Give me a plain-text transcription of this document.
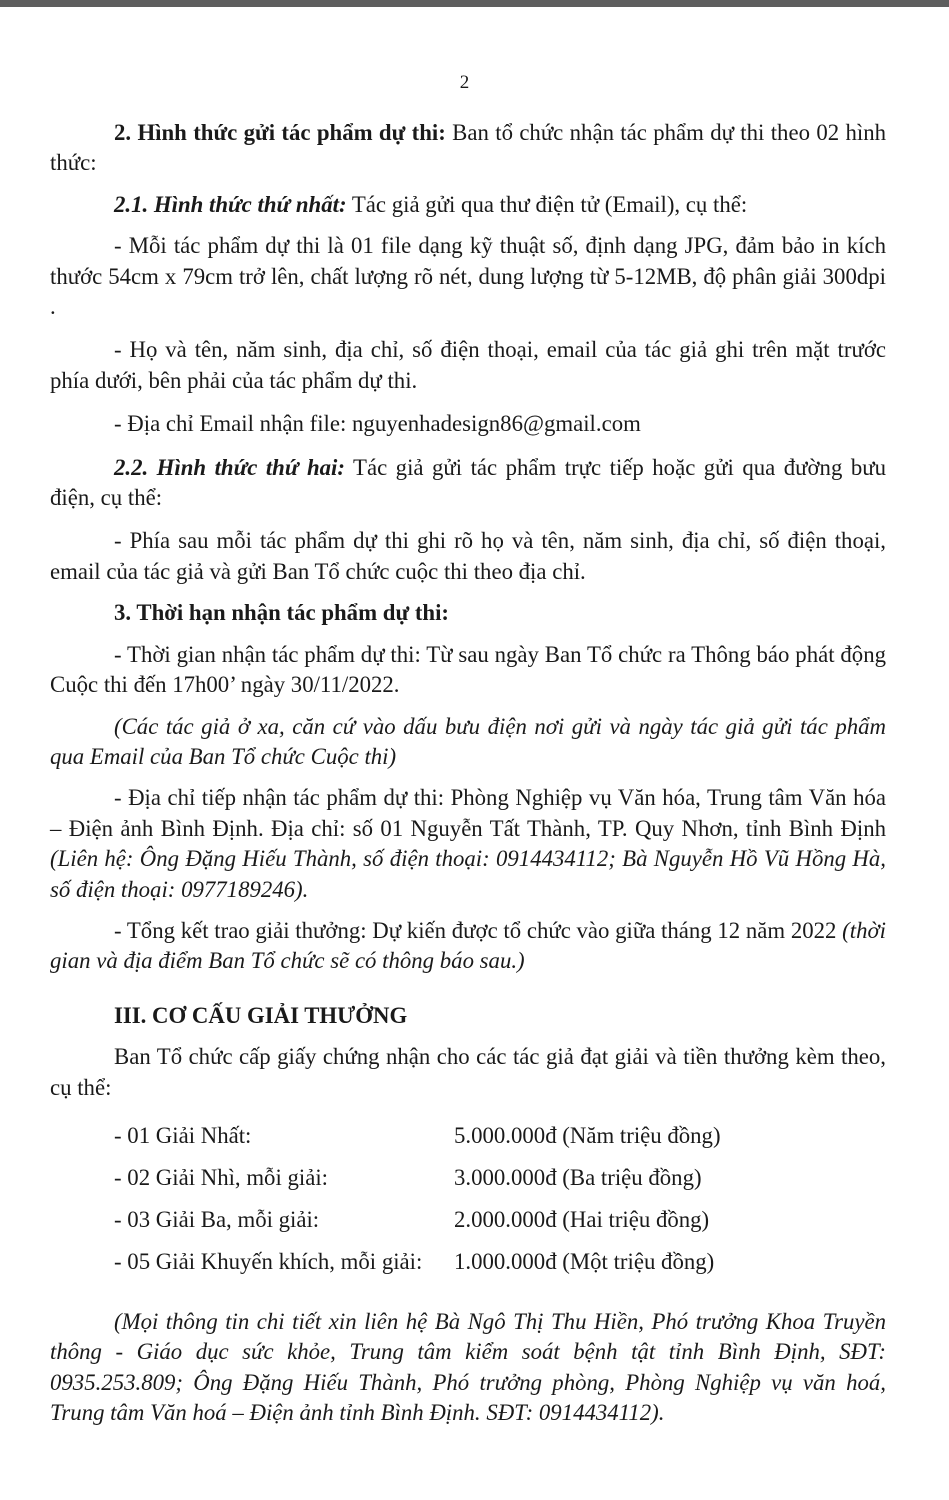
2

2. Hình thức gửi tác phẩm dự thi: Ban tổ chức nhận tác phẩm dự thi theo 02 hình thức:

2.1. Hình thức thứ nhất: Tác giả gửi qua thư điện tử (Email), cụ thể:

- Mỗi tác phẩm dự thi là 01 file dạng kỹ thuật số, định dạng JPG, đảm bảo in kích thước 54cm x 79cm trở lên, chất lượng rõ nét, dung lượng từ 5-12MB, độ phân giải 300dpi .

- Họ và tên, năm sinh, địa chỉ, số điện thoại, email của tác giả ghi trên mặt trước phía dưới, bên phải của tác phẩm dự thi.

- Địa chỉ Email nhận file: nguyenhadesign86@gmail.com

2.2. Hình thức thứ hai: Tác giả gửi tác phẩm trực tiếp hoặc gửi qua đường bưu điện, cụ thể:

- Phía sau mỗi tác phẩm dự thi ghi rõ họ và tên, năm sinh, địa chỉ, số điện thoại, email của tác giả và gửi Ban Tổ chức cuộc thi theo địa chỉ.

3. Thời hạn nhận tác phẩm dự thi:

- Thời gian nhận tác phẩm dự thi: Từ sau ngày Ban Tổ chức ra Thông báo phát động Cuộc thi đến 17h00’ ngày 30/11/2022.

(Các tác giả ở xa, căn cứ vào dấu bưu điện nơi gửi và ngày tác giả gửi tác phẩm qua Email của Ban Tổ chức Cuộc thi)

- Địa chỉ tiếp nhận tác phẩm dự thi: Phòng Nghiệp vụ Văn hóa, Trung tâm Văn hóa – Điện ảnh Bình Định. Địa chỉ: số 01 Nguyễn Tất Thành, TP. Quy Nhơn, tỉnh Bình Định (Liên hệ: Ông Đặng Hiếu Thành, số điện thoại: 0914434112; Bà Nguyễn Hồ Vũ Hồng Hà, số điện thoại: 0977189246).

- Tổng kết trao giải thưởng: Dự kiến được tổ chức vào giữa tháng 12 năm 2022 (thời gian và địa điểm Ban Tổ chức sẽ có thông báo sau.)

III. CƠ CẤU GIẢI THƯỞNG

Ban Tổ chức cấp giấy chứng nhận cho các tác giả đạt giải và tiền thưởng kèm theo, cụ thể:

- 01 Giải Nhất:	5.000.000đ (Năm triệu đồng)
- 02 Giải Nhì, mỗi giải:	3.000.000đ (Ba triệu đồng)
- 03 Giải Ba, mỗi giải:	2.000.000đ (Hai triệu đồng)
- 05 Giải Khuyến khích, mỗi giải:	1.000.000đ (Một triệu đồng)

(Mọi thông tin chi tiết xin liên hệ Bà Ngô Thị Thu Hiền, Phó trưởng Khoa Truyền thông - Giáo dục sức khỏe, Trung tâm kiểm soát bệnh tật tỉnh Bình Định, SĐT: 0935.253.809; Ông Đặng Hiếu Thành, Phó trưởng phòng, Phòng Nghiệp vụ văn hoá, Trung tâm Văn hoá – Điện ảnh tỉnh Bình Định. SĐT: 0914434112).
